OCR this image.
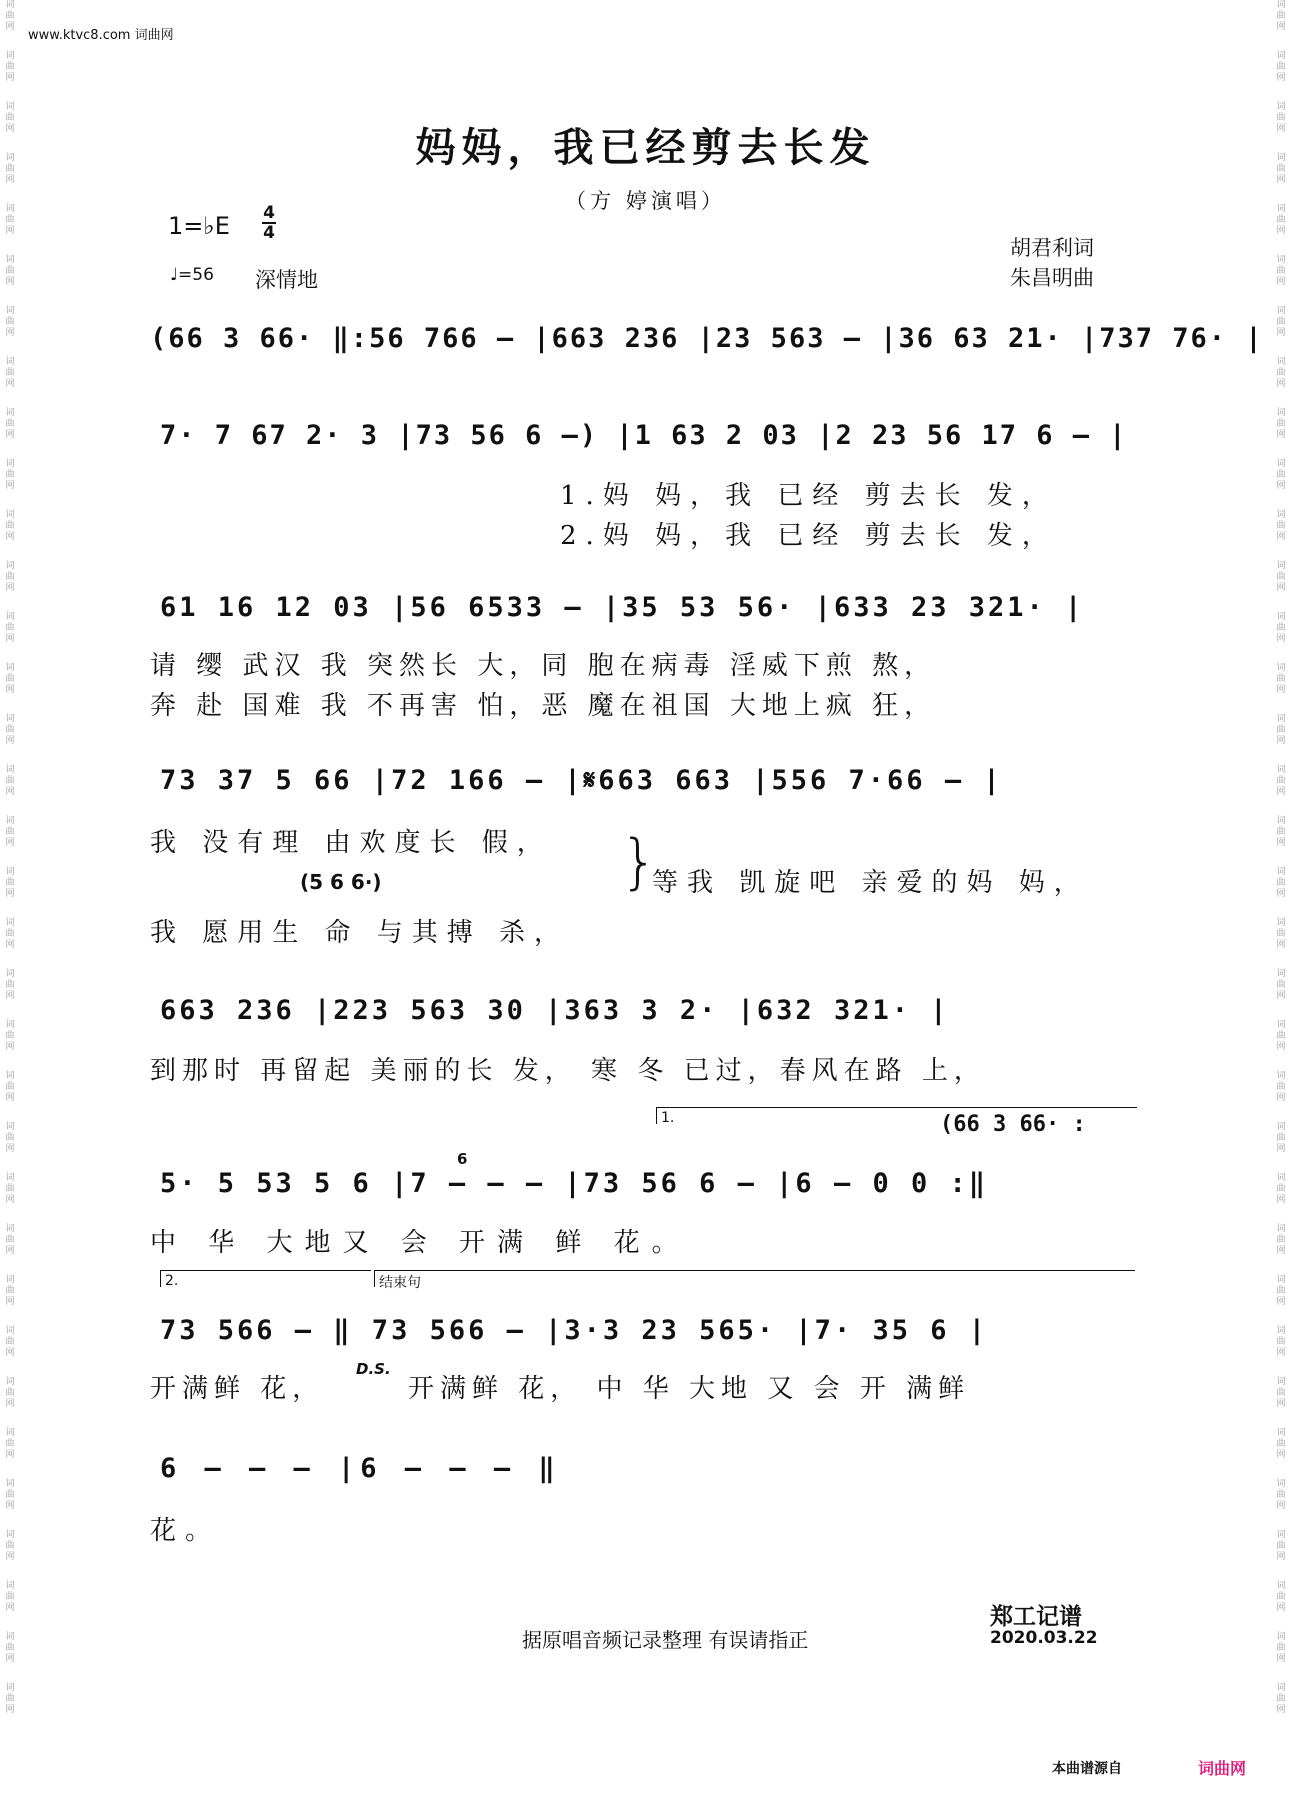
词
曲
网
词
曲
网
词
曲
网
词
曲
网
词
曲
网
词
曲
网
词
曲
网
词
曲
网
词
曲
网
词
曲
网
词
曲
网
词
曲
网
词
曲
网
词
曲
网
词
曲
网
词
曲
网
词
曲
网
词
曲
网
词
曲
网
词
曲
网
词
曲
网
词
曲
网
词
曲
网
词
曲
网
词
曲
网
词
曲
网
词
曲
网
词
曲
网
词
曲
网
词
曲
网
词
曲
网
词
曲
网
词
曲
网
词
曲
网
词
曲
网
词
曲
网
词
曲
网
词
曲
网
词
曲
网
词
曲
网
词
曲
网
词
曲
网
词
曲
网
词
曲
网
词
曲
网
词
曲
网
词
曲
网
词
曲
网
词
曲
网
词
曲
网
词
曲
网
词
曲
网
词
曲
网
词
曲
网
词
曲
网
词
曲
网
词
曲
网
词
曲
网
词
曲
网
词
曲
网
词
曲
网
词
曲
网
词
曲
网
词
曲
网
词
曲
网
词
曲
网
词
曲
网
词
曲
网
www.ktvc8.com 词曲网
妈妈，我已经剪去长发
（方 婷演唱）
1=♭E 4
4
♩=56 深情地
胡君利词
朱昌明曲
(66 3 66· ‖:56 766 – |663 236 |23 563 – |36 63 21· |737 76· |
7· 7 67 2· 3 |73 56 6 –) |1 63 2 03 |2 23 56 17 6 – |
1.妈 妈，我 已经 剪去长 发，
2.妈 妈，我 已经 剪去长 发，
61 16 12 03 |56 6533 – |35 53 56· |633 23 321· |
请 缨 武汉 我 突然长 大，同 胞在病毒 淫威下煎 熬，
奔 赴 国难 我 不再害 怕，恶 魔在祖国 大地上疯 狂，
73 37 5 66 |72 166 – |𝄋663 663 |556 7·66 – |
我 没有理 由欢度长 假，
(5 6 6·)	}
等我 凯旋吧 亲爱的妈 妈，
我 愿用生 命 与其搏 杀，
663 236 |223 563 30 |363 3 2· |632 321· |
到那时 再留起 美丽的长 发， 寒 冬 已过，春风在路 上，
1.	(66 3 66· :
6
5· 5 53 5 6 |7 – – – |73 56 6 – |6 – 0 0 :‖
中 华 大地又 会 开满 鲜 花。
2.	结束句
73 566 – ‖ 73 566 – |3·3 23 565· |7· 35 6 |
开满鲜 花，
D.S.
开满鲜 花， 中 华 大地 又 会 开 满鲜
6 – – – |6 – – – ‖
花。
郑工记谱
2020.03.22
据原唱音频记录整理 有误请指正
本曲谱源自	词曲网
